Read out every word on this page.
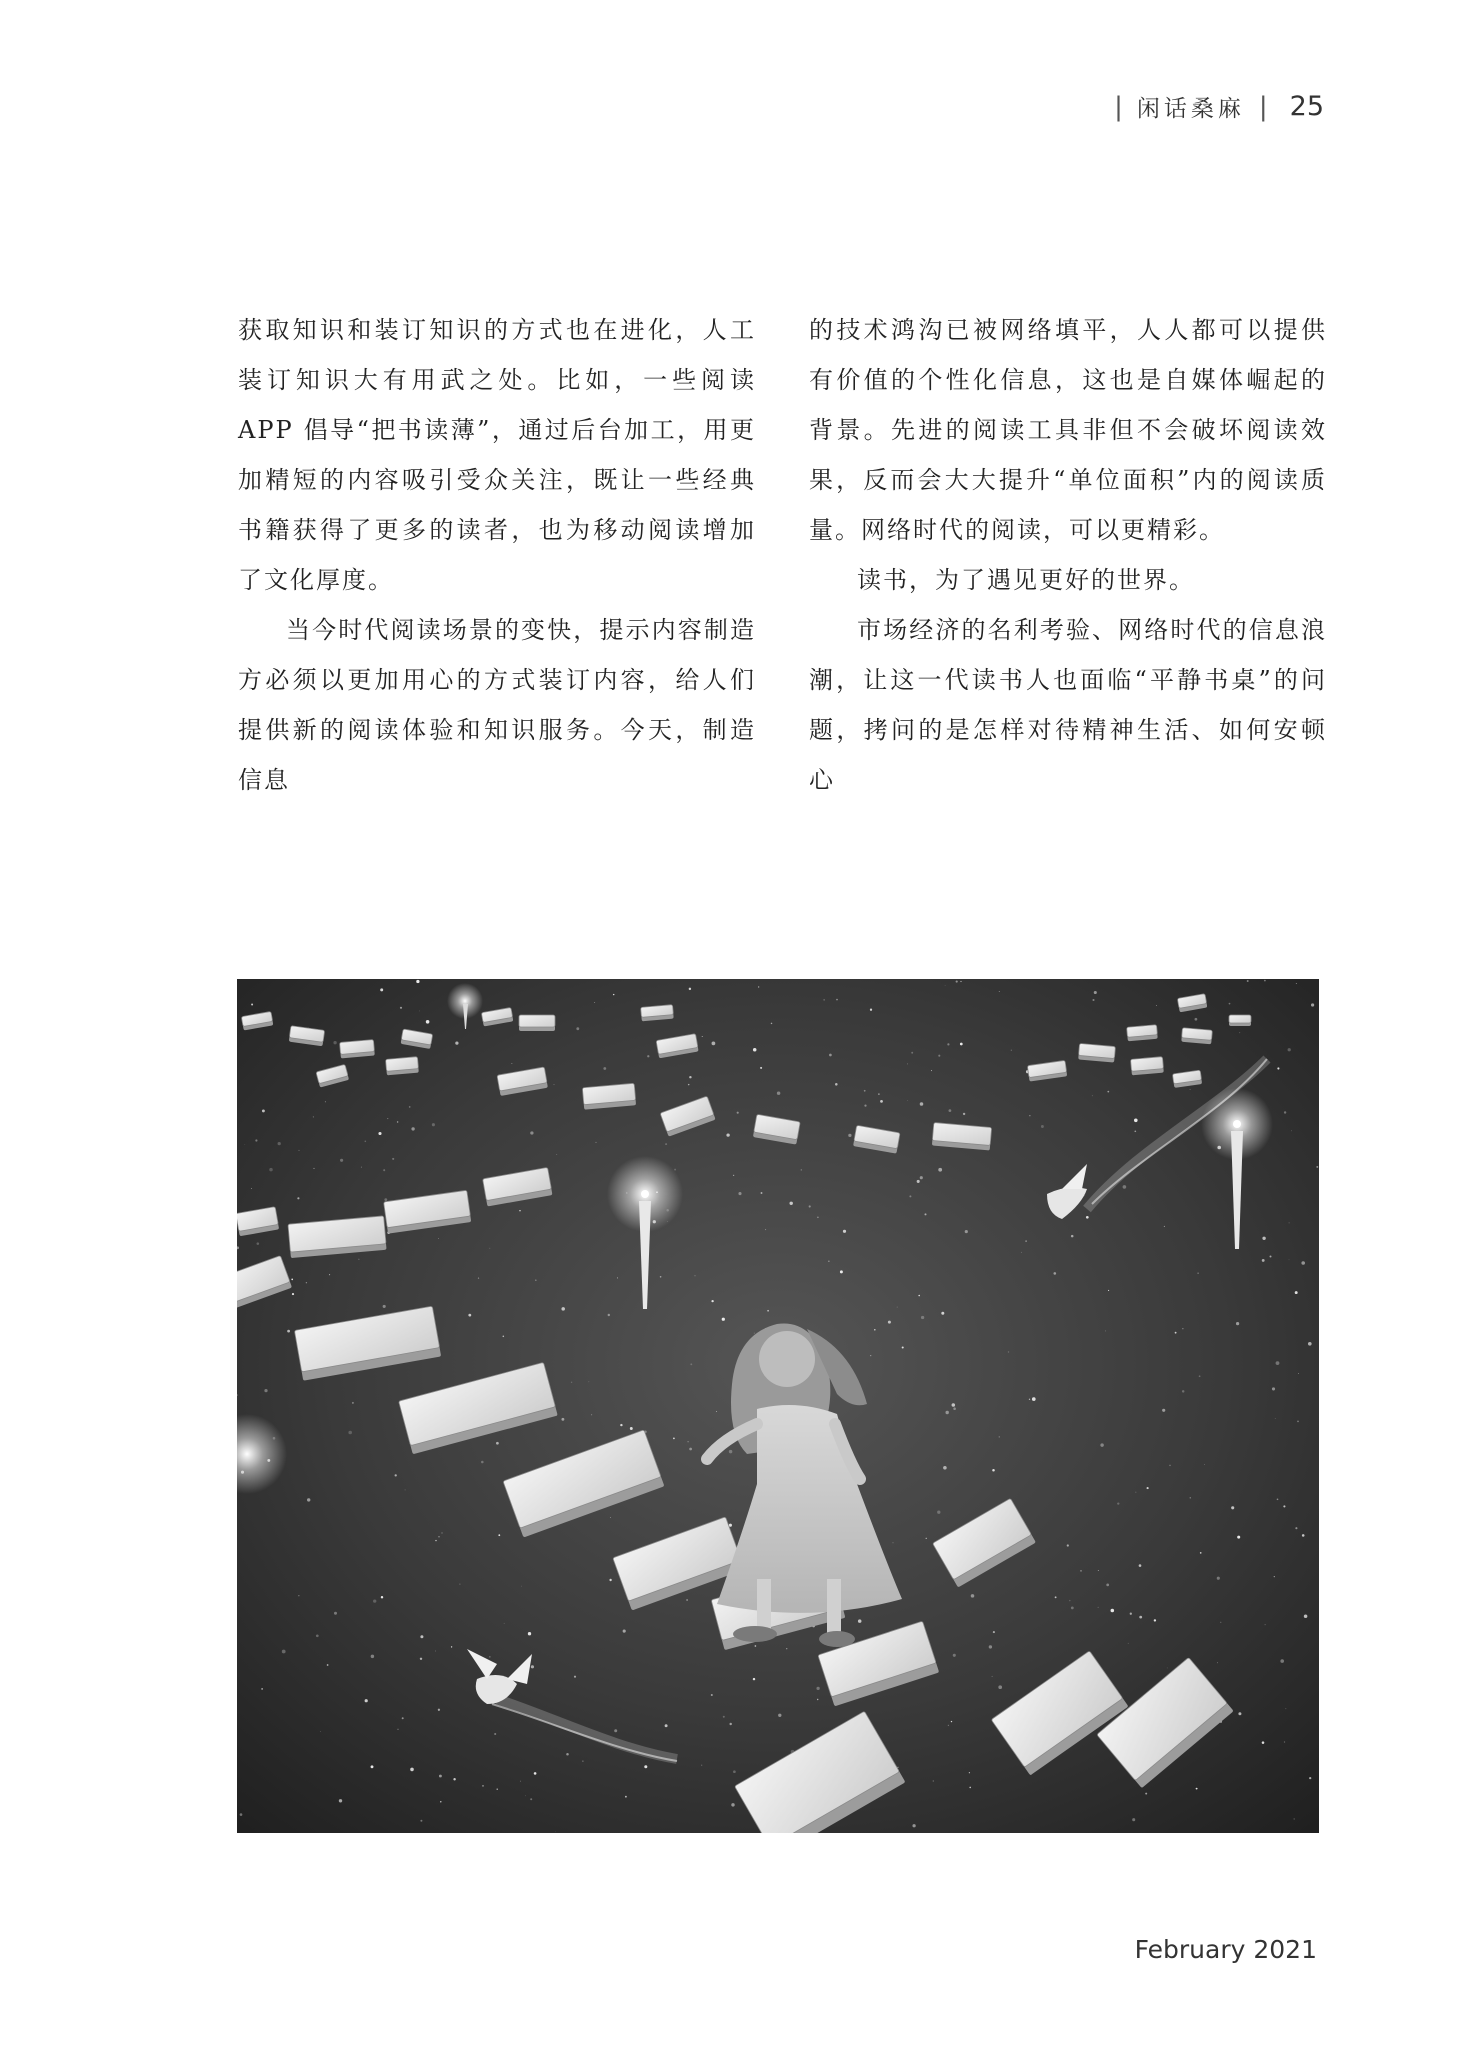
| 闲话桑麻 | 25

获取知识和装订知识的方式也在进化，人工装订知识大有用武之处。比如，一些阅读 APP 倡导“把书读薄”，通过后台加工，用更加精短的内容吸引受众关注，既让一些经典书籍获得了更多的读者，也为移动阅读增加了文化厚度。

当今时代阅读场景的变快，提示内容制造方必须以更加用心的方式装订内容，给人们提供新的阅读体验和知识服务。今天，制造信息

的技术鸿沟已被网络填平，人人都可以提供有价值的个性化信息，这也是自媒体崛起的背景。先进的阅读工具非但不会破坏阅读效果，反而会大大提升“单位面积”内的阅读质量。网络时代的阅读，可以更精彩。

读书，为了遇见更好的世界。

市场经济的名利考验、网络时代的信息浪潮，让这一代读书人也面临“平静书桌”的问题，拷问的是怎样对待精神生活、如何安顿心

February 2021
